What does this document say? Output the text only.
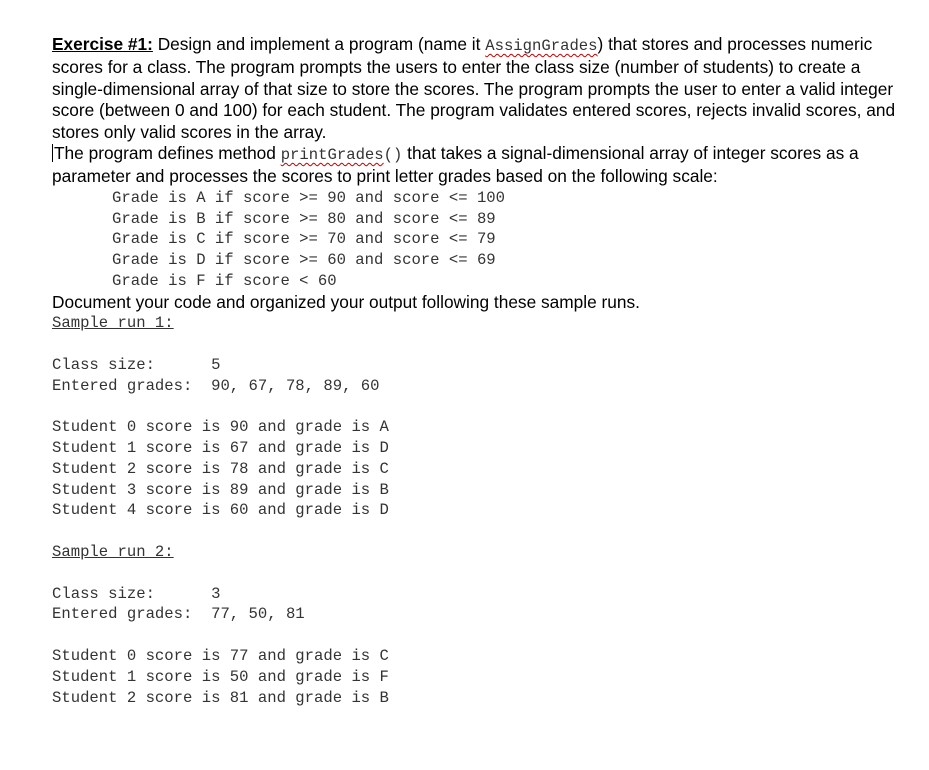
Exercise #1: Design and implement a program (name it AssignGrades) that stores and processes numeric scores for a class. The program prompts the users to enter the class size (number of students) to create a single-dimensional array of that size to store the scores. The program prompts the user to enter a valid integer score (between 0 and 100) for each student. The program validates entered scores, rejects invalid scores, and stores only valid scores in the array.

The program defines method printGrades() that takes a signal-dimensional array of integer scores as a parameter and processes the scores to print letter grades based on the following scale:

Grade is A if score >= 90 and score <= 100
Grade is B if score >= 80 and score <= 89
Grade is C if score >= 70 and score <= 79
Grade is D if score >= 60 and score <= 69
Grade is F if score < 60

Document your code and organized your output following these sample runs.

Sample run 1:
Class size:      5
Entered grades:  90, 67, 78, 89, 60
Student 0 score is 90 and grade is A
Student 1 score is 67 and grade is D
Student 2 score is 78 and grade is C
Student 3 score is 89 and grade is B
Student 4 score is 60 and grade is D
Sample run 2:
Class size:      3
Entered grades:  77, 50, 81
Student 0 score is 77 and grade is C
Student 1 score is 50 and grade is F
Student 2 score is 81 and grade is B
